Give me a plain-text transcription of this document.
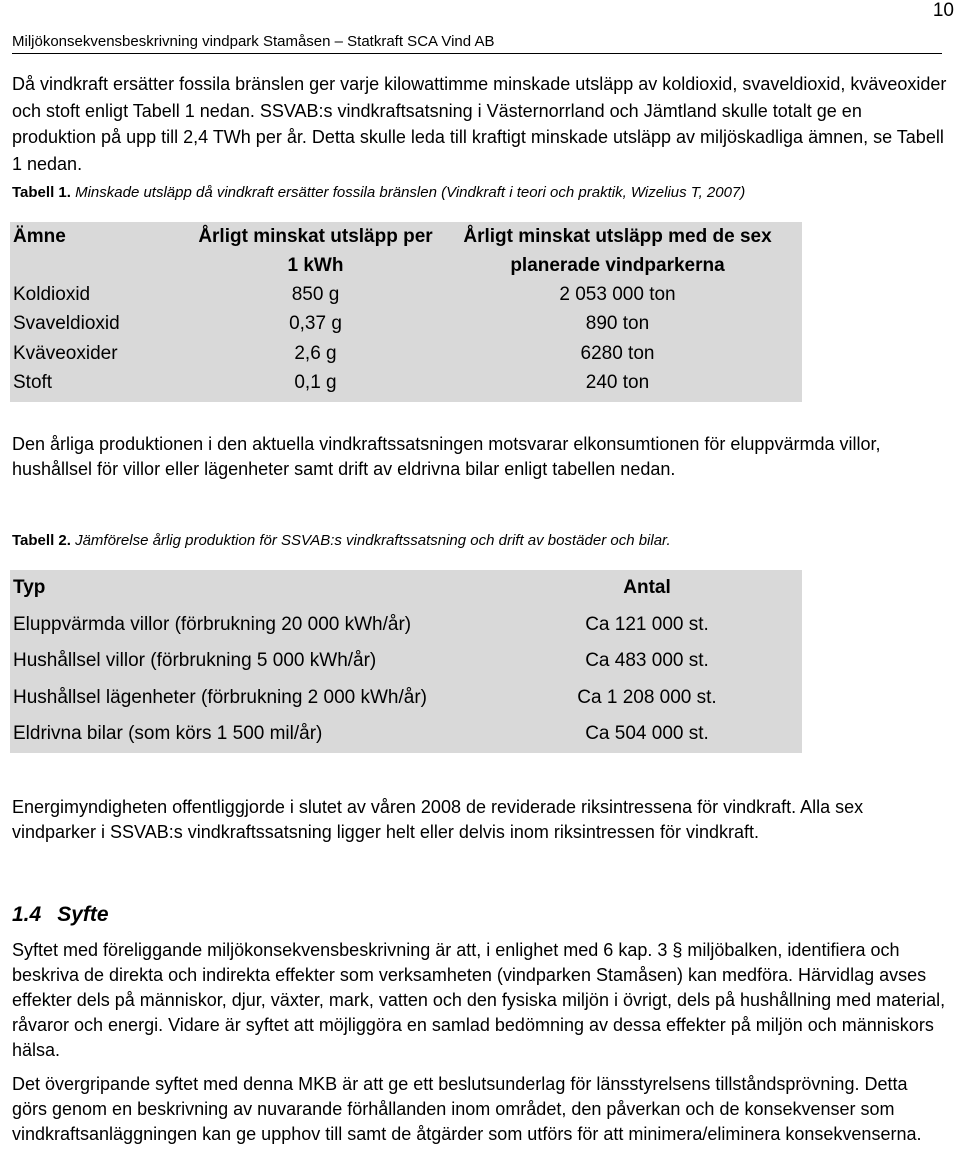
10
Miljökonsekvensbeskrivning vindpark Stamåsen – Statkraft SCA Vind AB

Då vindkraft ersätter fossila bränslen ger varje kilowattimme minskade utsläpp av koldioxid, svaveldioxid, kväveoxider och stoft enligt Tabell 1 nedan. SSVAB:s vindkraftsatsning i Västernorrland och Jämtland skulle totalt ge en produktion på upp till 2,4 TWh per år. Detta skulle leda till kraftigt minskade utsläpp av miljöskadliga ämnen, se Tabell 1 nedan.

Tabell 1. Minskade utsläpp då vindkraft ersätter fossila bränslen (Vindkraft i teori och praktik, Wizelius T, 2007)

Ämne	Årligt minskat utsläpp per 1 kWh	Årligt minskat utsläpp med de sex planerade vindparkerna
Koldioxid	850 g	2 053 000 ton
Svaveldioxid	0,37 g	890 ton
Kväveoxider	2,6 g	6280 ton
Stoft	0,1 g	240 ton

Den årliga produktionen i den aktuella vindkraftssatsningen motsvarar elkonsumtionen för eluppvärmda villor, hushållsel för villor eller lägenheter samt drift av eldrivna bilar enligt tabellen nedan.

Tabell 2. Jämförelse årlig produktion för SSVAB:s vindkraftssatsning och drift av bostäder och bilar.

Typ	Antal
Eluppvärmda villor (förbrukning 20 000 kWh/år)	Ca 121 000 st.
Hushållsel villor (förbrukning 5 000 kWh/år)	Ca 483 000 st.
Hushållsel lägenheter (förbrukning 2 000 kWh/år)	Ca 1 208 000 st.
Eldrivna bilar (som körs 1 500 mil/år)	Ca 504 000 st.

Energimyndigheten offentliggjorde i slutet av våren 2008 de reviderade riksintressena för vindkraft. Alla sex vindparker i SSVAB:s vindkraftssatsning ligger helt eller delvis inom riksintressen för vindkraft.

1.4 Syfte

Syftet med föreliggande miljökonsekvensbeskrivning är att, i enlighet med 6 kap. 3 § miljöbalken, identifiera och beskriva de direkta och indirekta effekter som verksamheten (vindparken Stamåsen) kan medföra. Härvidlag avses effekter dels på människor, djur, växter, mark, vatten och den fysiska miljön i övrigt, dels på hushållning med material, råvaror och energi. Vidare är syftet att möjliggöra en samlad bedömning av dessa effekter på miljön och människors hälsa.

Det övergripande syftet med denna MKB är att ge ett beslutsunderlag för länsstyrelsens tillståndsprövning. Detta görs genom en beskrivning av nuvarande förhållanden inom området, den påverkan och de konsekvenser som vindkraftsanläggningen kan ge upphov till samt de åtgärder som utförs för att minimera/eliminera konsekvenserna.
